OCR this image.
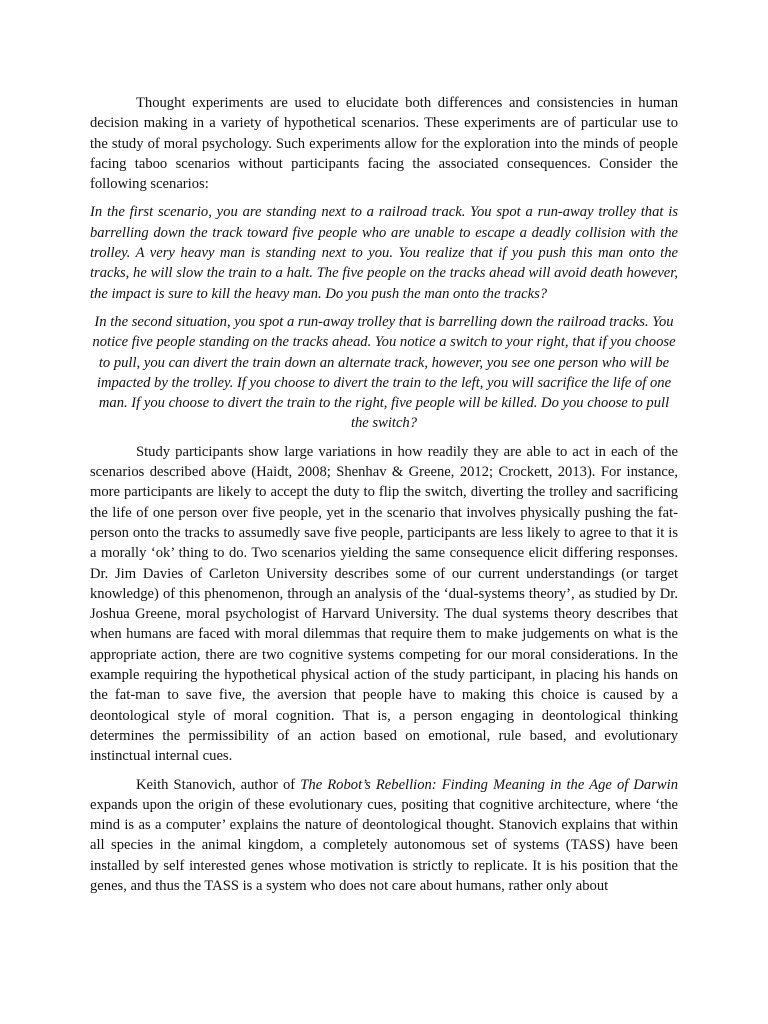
Thought experiments are used to elucidate both differences and consistencies in human decision making in a variety of hypothetical scenarios. These experiments are of particular use to the study of moral psychology. Such experiments allow for the exploration into the minds of people facing taboo scenarios without participants facing the associated consequences. Consider the following scenarios:

In the first scenario, you are standing next to a railroad track. You spot a run-away trolley that is barrelling down the track toward five people who are unable to escape a deadly collision with the trolley. A very heavy man is standing next to you. You realize that if you push this man onto the tracks, he will slow the train to a halt. The five people on the tracks ahead will avoid death however, the impact is sure to kill the heavy man. Do you push the man onto the tracks?

In the second situation, you spot a run-away trolley that is barrelling down the railroad tracks. You notice five people standing on the tracks ahead. You notice a switch to your right, that if you choose to pull, you can divert the train down an alternate track, however, you see one person who will be impacted by the trolley. If you choose to divert the train to the left, you will sacrifice the life of one man. If you choose to divert the train to the right, five people will be killed. Do you choose to pull the switch?

Study participants show large variations in how readily they are able to act in each of the scenarios described above (Haidt, 2008; Shenhav & Greene, 2012; Crockett, 2013). For instance, more participants are likely to accept the duty to flip the switch, diverting the trolley and sacrificing the life of one person over five people, yet in the scenario that involves physically pushing the fat-person onto the tracks to assumedly save five people, participants are less likely to agree to that it is a morally ‘ok’ thing to do. Two scenarios yielding the same consequence elicit differing responses. Dr. Jim Davies of Carleton University describes some of our current understandings (or target knowledge) of this phenomenon, through an analysis of the ‘dual-systems theory’, as studied by Dr. Joshua Greene, moral psychologist of Harvard University. The dual systems theory describes that when humans are faced with moral dilemmas that require them to make judgements on what is the appropriate action, there are two cognitive systems competing for our moral considerations. In the example requiring the hypothetical physical action of the study participant, in placing his hands on the fat-man to save five, the aversion that people have to making this choice is caused by a deontological style of moral cognition. That is, a person engaging in deontological thinking determines the permissibility of an action based on emotional, rule based, and evolutionary instinctual internal cues.

Keith Stanovich, author of The Robot’s Rebellion: Finding Meaning in the Age of Darwin expands upon the origin of these evolutionary cues, positing that cognitive architecture, where ‘the mind is as a computer’ explains the nature of deontological thought. Stanovich explains that within all species in the animal kingdom, a completely autonomous set of systems (TASS) have been installed by self interested genes whose motivation is strictly to replicate. It is his position that the genes, and thus the TASS is a system who does not care about humans, rather only about
